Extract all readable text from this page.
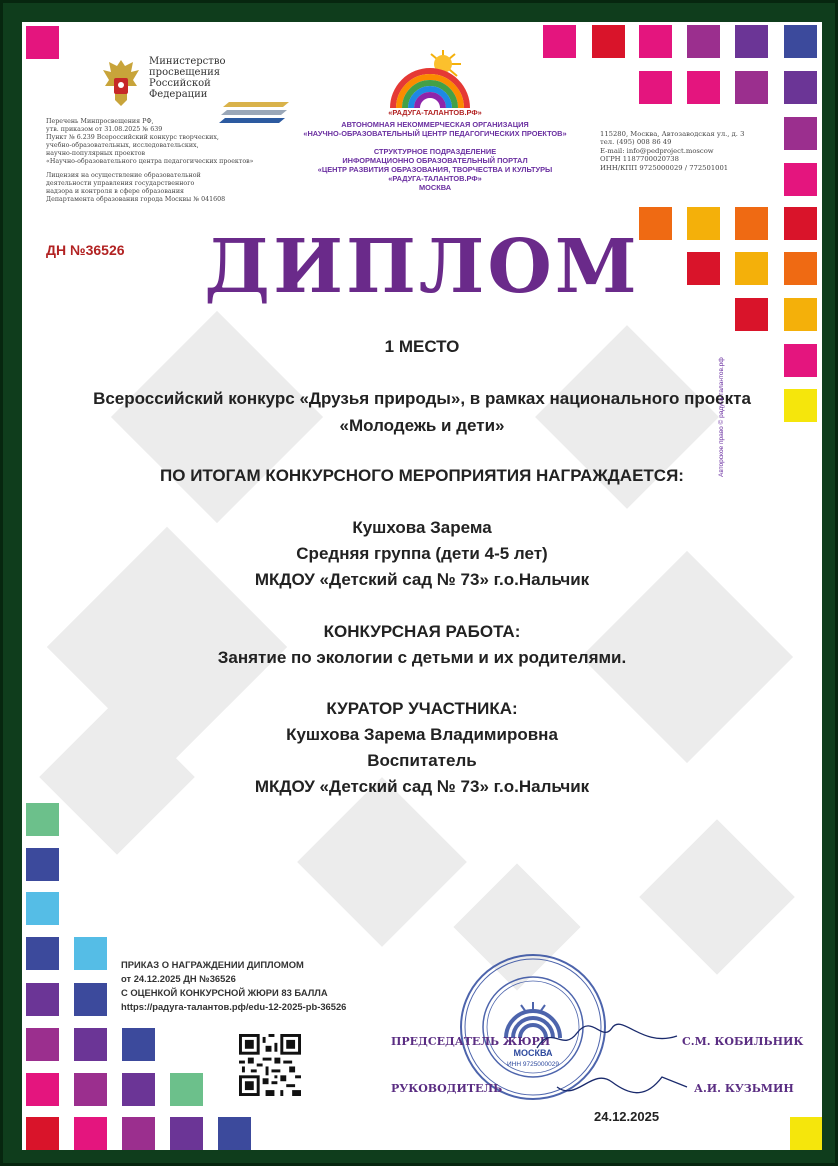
Министерство

просвещения

Российской

Федерации

Перечень Минпросвещения РФ,

утв. приказом от 31.08.2025 № 639

Пункт № 6.239 Всероссийский конкурс творческих,

учебно-образовательных, исследовательских,

научно-популярных проектов

«Научно-образовательного центра педагогических проектов»

Лицензия на осуществление образовательной

деятельности управления государственного

надзора и контроля в сфере образования

Департамента образования города Москвы № 041608

ДН №36526

«РАДУГА-ТАЛАНТОВ.РФ»

АВТОНОМНАЯ НЕКОММЕРЧЕСКАЯ ОРГАНИЗАЦИЯ

«НАУЧНО-ОБРАЗОВАТЕЛЬНЫЙ ЦЕНТР ПЕДАГОГИЧЕСКИХ ПРОЕКТОВ»

СТРУКТУРНОЕ ПОДРАЗДЕЛЕНИЕ

ИНФОРМАЦИОННО ОБРАЗОВАТЕЛЬНЫЙ ПОРТАЛ

«ЦЕНТР РАЗВИТИЯ ОБРАЗОВАНИЯ, ТВОРЧЕСТВА И КУЛЬТУРЫ

«РАДУГА-ТАЛАНТОВ.РФ»

МОСКВА

115280, Москва, Автозаводская ул., д. 3

тел. (495) 008 86 49

E-mail: info@pedproject.moscow

ОГРН 1187700020738

ИНН/КПП 9725000029 / 772501001

ДИПЛОМ
1 МЕСТО
Всероссийский конкурс «Друзья природы», в рамках национального проекта
«Молодежь и дети»
ПО ИТОГАМ КОНКУРСНОГО МЕРОПРИЯТИЯ НАГРАЖДАЕТСЯ:
Кушхова Зарема
Средняя группа (дети 4-5 лет)
МКДОУ «Детский сад № 73» г.о.Нальчик
КОНКУРСНАЯ РАБОТА:
Занятие по экологии с детьми и их родителями.
КУРАТОР УЧАСТНИКА:
Кушхова Зарема Владимировна
Воспитатель
МКДОУ «Детский сад № 73» г.о.Нальчик

ПРИКАЗ О НАГРАЖДЕНИИ ДИПЛОМОМ

от 24.12.2025 ДН №36526

С ОЦЕНКОЙ КОНКУРСНОЙ ЖЮРИ 83 БАЛЛА

https://радуга-талантов.рф/edu-12-2025-pb-36526

МОСКВА
ИНН 9725000029
ПРЕДСЕДАТЕЛЬ ЖЮРИ	С.М. КОБИЛЬНИК
РУКОВОДИТЕЛЬ	А.И. КУЗЬМИН
24.12.2025
Авторское право © радуга-талантов.рф
